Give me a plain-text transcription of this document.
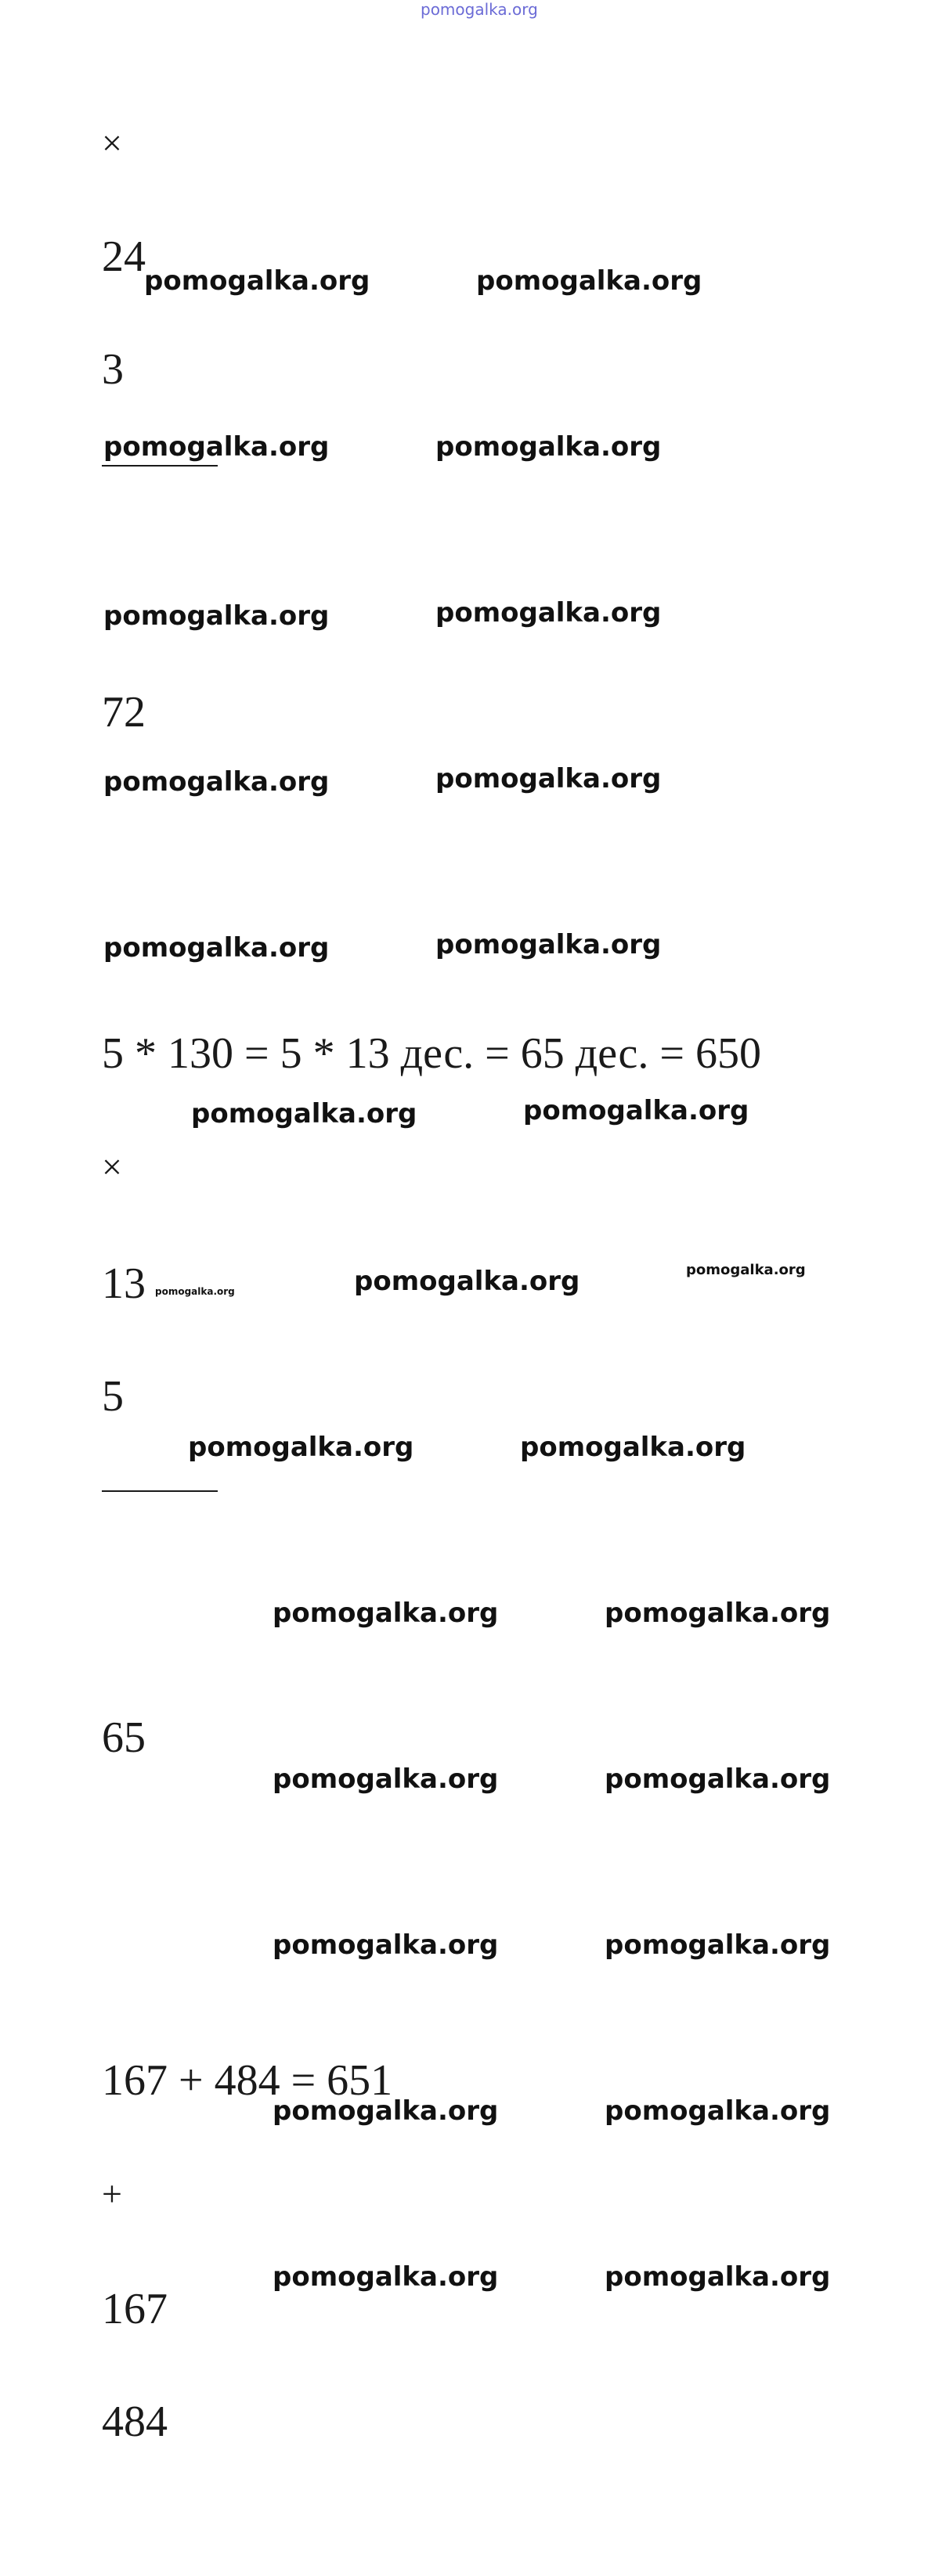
pomogalka.org
×
24
3
72
5 * 130 = 5 * 13 дес. = 65 дес. = 650
×
13
5
65
167 + 484 = 651
+
167
484
pomogalka.org	pomogalka.org
pomogalka.org	pomogalka.org
pomogalka.org	pomogalka.org
pomogalka.org	pomogalka.org
pomogalka.org	pomogalka.org
pomogalka.org	pomogalka.org
pomogalka.org	pomogalka.org	pomogalka.org
pomogalka.org	pomogalka.org
pomogalka.org	pomogalka.org
pomogalka.org	pomogalka.org
pomogalka.org	pomogalka.org
pomogalka.org	pomogalka.org
pomogalka.org	pomogalka.org
